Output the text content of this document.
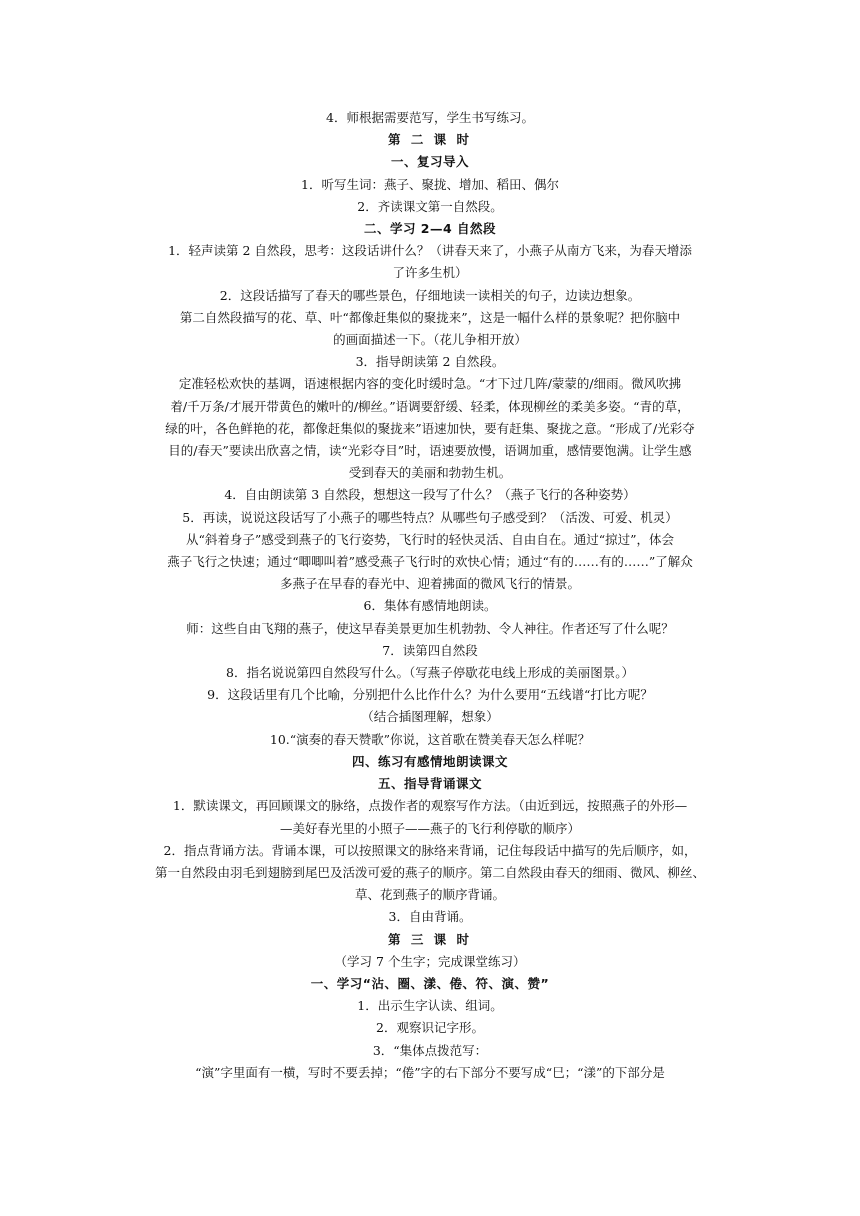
4．师根据需要范写，学生书写练习。
第 二 课 时
一、复习导入
1．听写生词：燕子、聚拢、增加、稻田、偶尔
2．齐读课文第一自然段。
二、学习 2—4 自然段
1．轻声读第 2 自然段，思考：这段话讲什么？（讲春天来了，小燕子从南方飞来，为春天增添
了许多生机）
2．这段话描写了春天的哪些景色，仔细地读一读相关的句子，边读边想象。
第二自然段描写的花、草、叶“都像赶集似的聚拢来”，这是一幅什么样的景象呢？把你脑中
的画面描述一下。（花儿争相开放）
3．指导朗读第 2 自然段。
定准轻松欢快的基调，语速根据内容的变化时缓时急。“才下过几阵/蒙蒙的/细雨。微风吹拂
着/千万条/才展开带黄色的嫩叶的/柳丝。”语调要舒缓、轻柔，体现柳丝的柔美多姿。“青的草，
绿的叶，各色鲜艳的花，都像赶集似的聚拢来”语速加快，要有赶集、聚拢之意。“形成了/光彩夺
目的/春天”要读出欣喜之情，读“光彩夺目”时，语速要放慢，语调加重，感情要饱满。让学生感
受到春天的美丽和勃勃生机。
4．自由朗读第 3 自然段，想想这一段写了什么？（燕子飞行的各种姿势）
5．再读，说说这段话写了小燕子的哪些特点？从哪些句子感受到？（活泼、可爱、机灵）
从“斜着身子”感受到燕子的飞行姿势，飞行时的轻快灵活、自由自在。通过“掠过”，体会
燕子飞行之快速；通过“唧唧叫着”感受燕子飞行时的欢快心情；通过“有的……有的……”了解众
多燕子在早春的春光中、迎着拂面的微风飞行的情景。
6．集体有感情地朗读。
师：这些自由飞翔的燕子，使这早春美景更加生机勃勃、令人神往。作者还写了什么呢？
7．读第四自然段
8．指名说说第四自然段写什么。（写燕子停歇花电线上形成的美丽图景。）
9．这段话里有几个比喻，分别把什么比作什么？为什么要用“五线谱“打比方呢？
（结合插图理解，想象）
10.“演奏的春天赞歌”你说，这首歌在赞美春天怎么样呢？
四、练习有感情地朗读课文
五、指导背诵课文
1．默读课文，再回顾课文的脉络，点拨作者的观察写作方法。（由近到远，按照燕子的外形—
—美好春光里的小照子——燕子的飞行利停歇的顺序）
2．指点背诵方法。背诵本课，可以按照课文的脉络来背诵，记住每段话中描写的先后顺序，如，
第一自然段由羽毛到翅膀到尾巴及活泼可爱的燕子的顺序。第二自然段由春天的细雨、微风、柳丝、
草、花到燕子的顺序背诵。
3．自由背诵。
第 三 课 时
（学习 7 个生字；完成课堂练习）
一、学习“沾、圈、漾、倦、符、演、赞”
1．出示生字认读、组词。
2．观察识记字形。
3．“集体点拨范写：
“演”字里面有一横，写时不要丢掉；“倦”字的右下部分不要写成“巳；“漾”的下部分是
